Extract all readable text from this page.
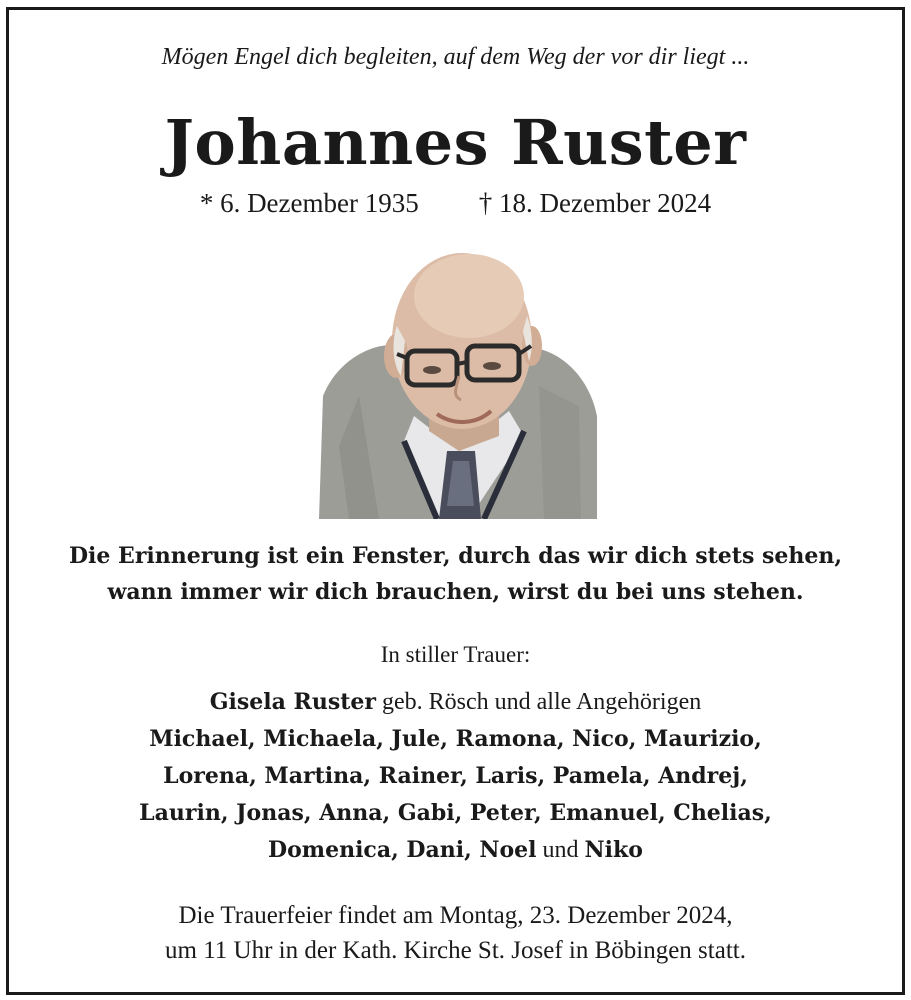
Mögen Engel dich begleiten, auf dem Weg der vor dir liegt ...
Johannes Ruster
* 6. Dezember 1935 † 18. Dezember 2024
Die Erinnerung ist ein Fenster, durch das wir dich stets sehen,
wann immer wir dich brauchen, wirst du bei uns stehen.
In stiller Trauer:
Gisela Ruster geb. Rösch und alle Angehörigen
Michael, Michaela, Jule, Ramona, Nico, Maurizio,
Lorena, Martina, Rainer, Laris, Pamela, Andrej,
Laurin, Jonas, Anna, Gabi, Peter, Emanuel, Chelias,
Domenica, Dani, Noel und Niko
Die Trauerfeier findet am Montag, 23. Dezember 2024,
um 11 Uhr in der Kath. Kirche St. Josef in Böbingen statt.
